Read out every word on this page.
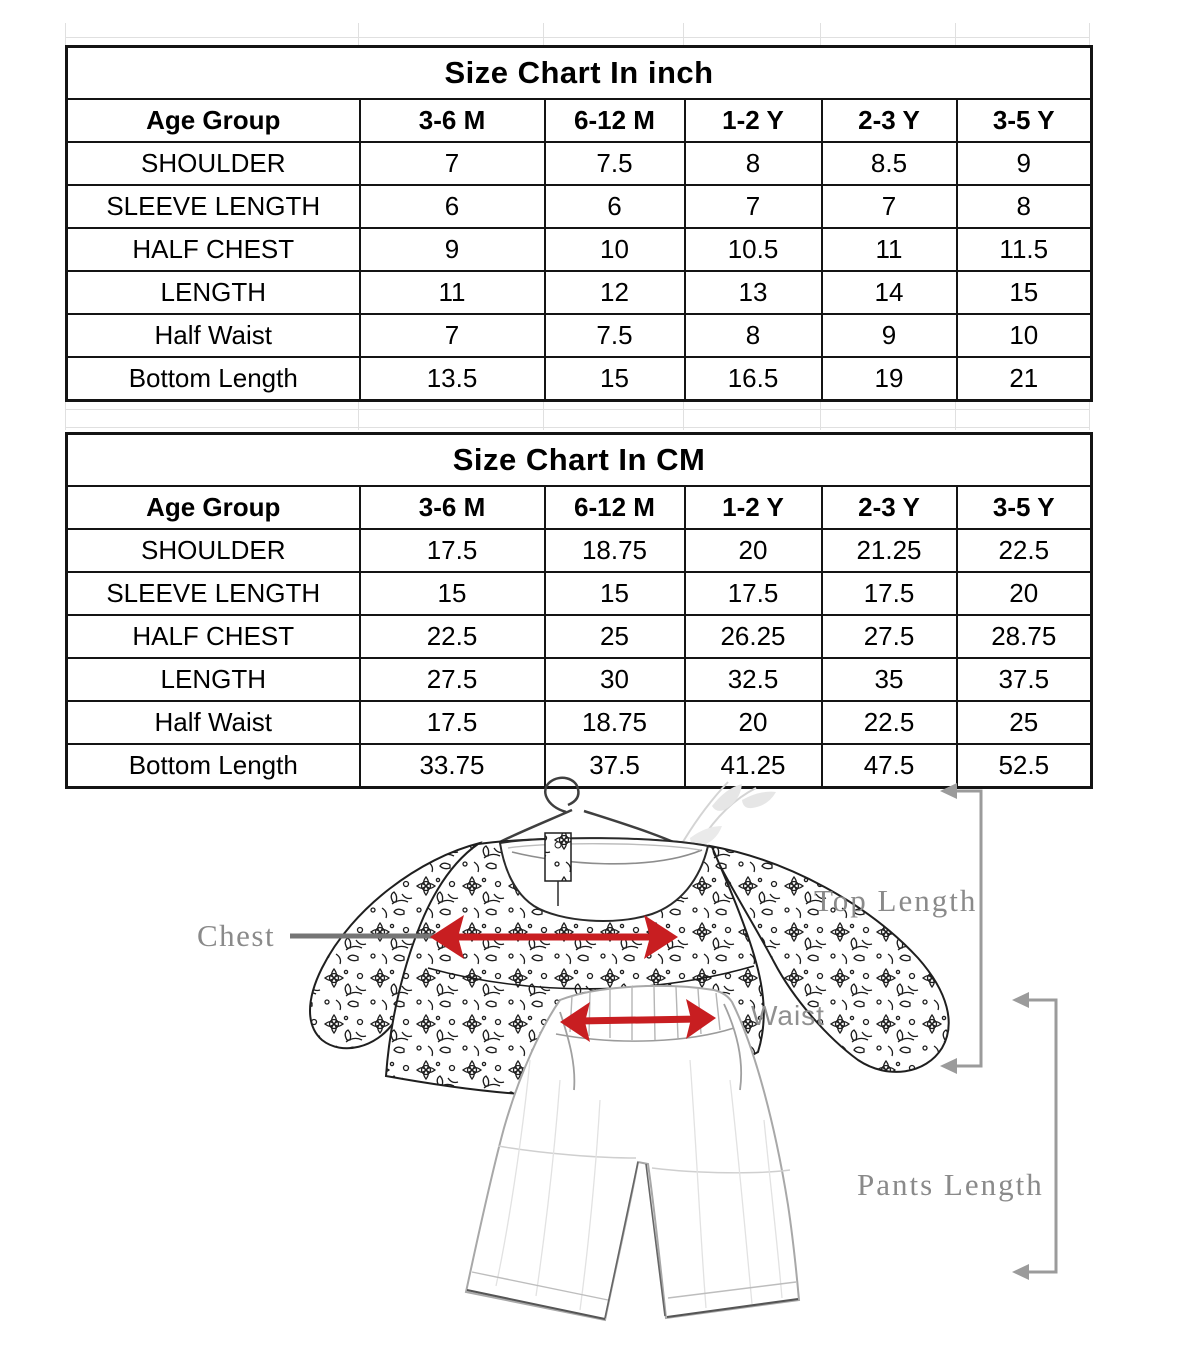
Size Chart In inch					
Age Group	3-6 M	6-12 M	1-2 Y	2-3 Y	3-5 Y
SHOULDER	7	7.5	8	8.5	9
SLEEVE LENGTH	6	6	7	7	8
HALF CHEST	9	10	10.5	11	11.5
LENGTH	11	12	13	14	15
Half Waist	7	7.5	8	9	10
Bottom Length	13.5	15	16.5	19	21
Size Chart In CM					
Age Group	3-6 M	6-12 M	1-2 Y	2-3 Y	3-5 Y
SHOULDER	17.5	18.75	20	21.25	22.5
SLEEVE LENGTH	15	15	17.5	17.5	20
HALF CHEST	22.5	25	26.25	27.5	28.75
LENGTH	27.5	30	32.5	35	37.5
Half Waist	17.5	18.75	20	22.5	25
Bottom Length	33.75	37.5	41.25	47.5	52.5
Chest
Top Length
Waist
Pants Length
